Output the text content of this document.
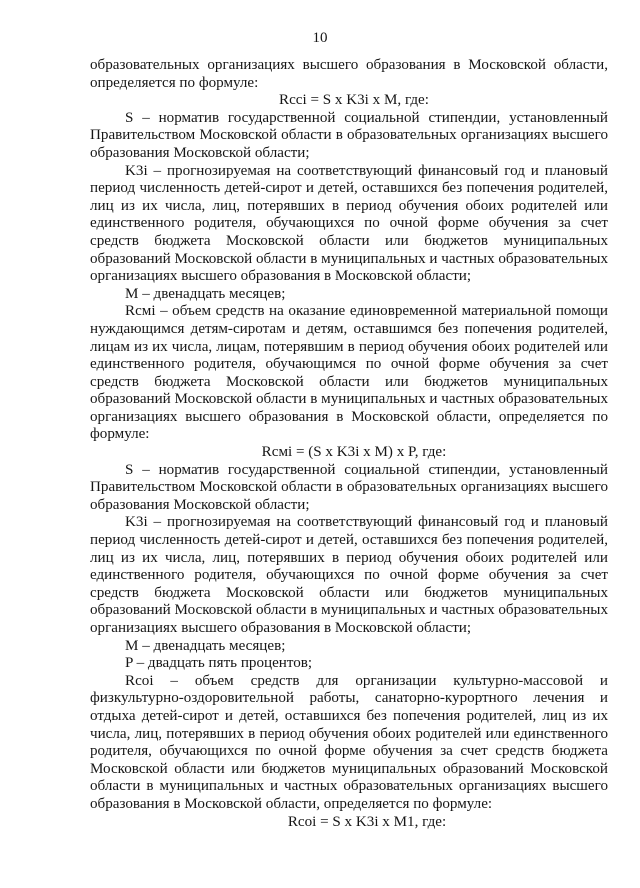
10

образовательных организациях высшего образования в Московской области, определяется по формуле:

Rcci = S x K3i x M, где:

S – норматив государственной социальной стипендии, установленный Правительством Московской области в образовательных организациях высшего образования Московской области;

K3i – прогнозируемая на соответствующий финансовый год и плановый период численность детей-сирот и детей, оставшихся без попечения родителей, лиц из их числа, лиц, потерявших в период обучения обоих родителей или единственного родителя, обучающихся по очной форме обучения за счет средств бюджета Московской области или бюджетов муниципальных образований Московской области в муниципальных и частных образовательных организациях высшего образования в Московской области;

M – двенадцать месяцев;

Rcмi – объем средств на оказание единовременной материальной помощи нуждающимся детям-сиротам и детям, оставшимся без попечения родителей, лицам из их числа, лицам, потерявшим в период обучения обоих родителей или единственного родителя, обучающимся по очной форме обучения за счет средств бюджета Московской области или бюджетов муниципальных образований Московской области в муниципальных и частных образовательных организациях высшего образования в Московской области, определяется по формуле:

Rcмi = (S x K3i x M) x P, где:

S – норматив государственной социальной стипендии, установленный Правительством Московской области в образовательных организациях высшего образования Московской области;

K3i – прогнозируемая на соответствующий финансовый год и плановый период численность детей-сирот и детей, оставшихся без попечения родителей, лиц из их числа, лиц, потерявших в период обучения обоих родителей или единственного родителя, обучающихся по очной форме обучения за счет средств бюджета Московской области или бюджетов муниципальных образований Московской области в муниципальных и частных образовательных организациях высшего образования в Московской области;

M – двенадцать месяцев;

P – двадцать пять процентов;

Rcoi – объем средств для организации культурно-массовой и физкультурно-оздоровительной работы, санаторно-курортного лечения и отдыха детей-сирот и детей, оставшихся без попечения родителей, лиц из их числа, лиц, потерявших в период обучения обоих родителей или единственного родителя, обучающихся по очной форме обучения за счет средств бюджета Московской области или бюджетов муниципальных образований Московской области в муниципальных и частных образовательных организациях высшего образования в Московской области, определяется по формуле:

Rcoi = S x K3i x M1, где:
